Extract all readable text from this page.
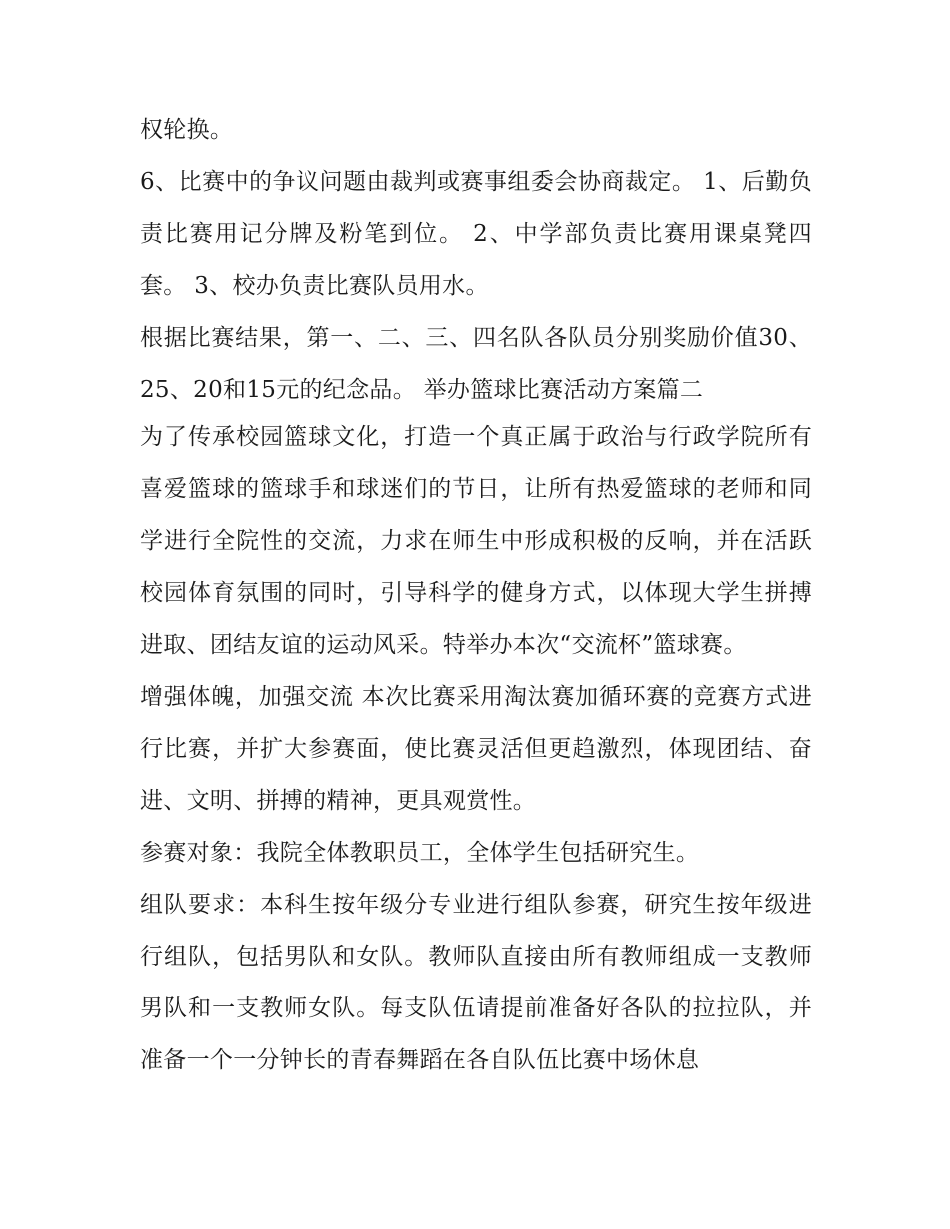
权轮换。

6、比赛中的争议问题由裁判或赛事组委会协商裁定。 1、后勤负责比赛用记分牌及粉笔到位。 2、中学部负责比赛用课桌凳四套。 3、校办负责比赛队员用水。

根据比赛结果，第一、二、三、四名队各队员分别奖励价值30、25、20和15元的纪念品。 举办篮球比赛活动方案篇二

为了传承校园篮球文化，打造一个真正属于政治与行政学院所有喜爱篮球的篮球手和球迷们的节日，让所有热爱篮球的老师和同学进行全院性的交流，力求在师生中形成积极的反响，并在活跃校园体育氛围的同时，引导科学的健身方式，以体现大学生拼搏进取、团结友谊的运动风采。特举办本次“交流杯”篮球赛。

增强体魄，加强交流 本次比赛采用淘汰赛加循环赛的竞赛方式进行比赛，并扩大参赛面，使比赛灵活但更趋激烈，体现团结、奋进、文明、拼搏的精神，更具观赏性。

参赛对象：我院全体教职员工，全体学生包括研究生。

组队要求：本科生按年级分专业进行组队参赛，研究生按年级进行组队，包括男队和女队。教师队直接由所有教师组成一支教师男队和一支教师女队。每支队伍请提前准备好各队的拉拉队，并准备一个一分钟长的青春舞蹈在各自队伍比赛中场休息
